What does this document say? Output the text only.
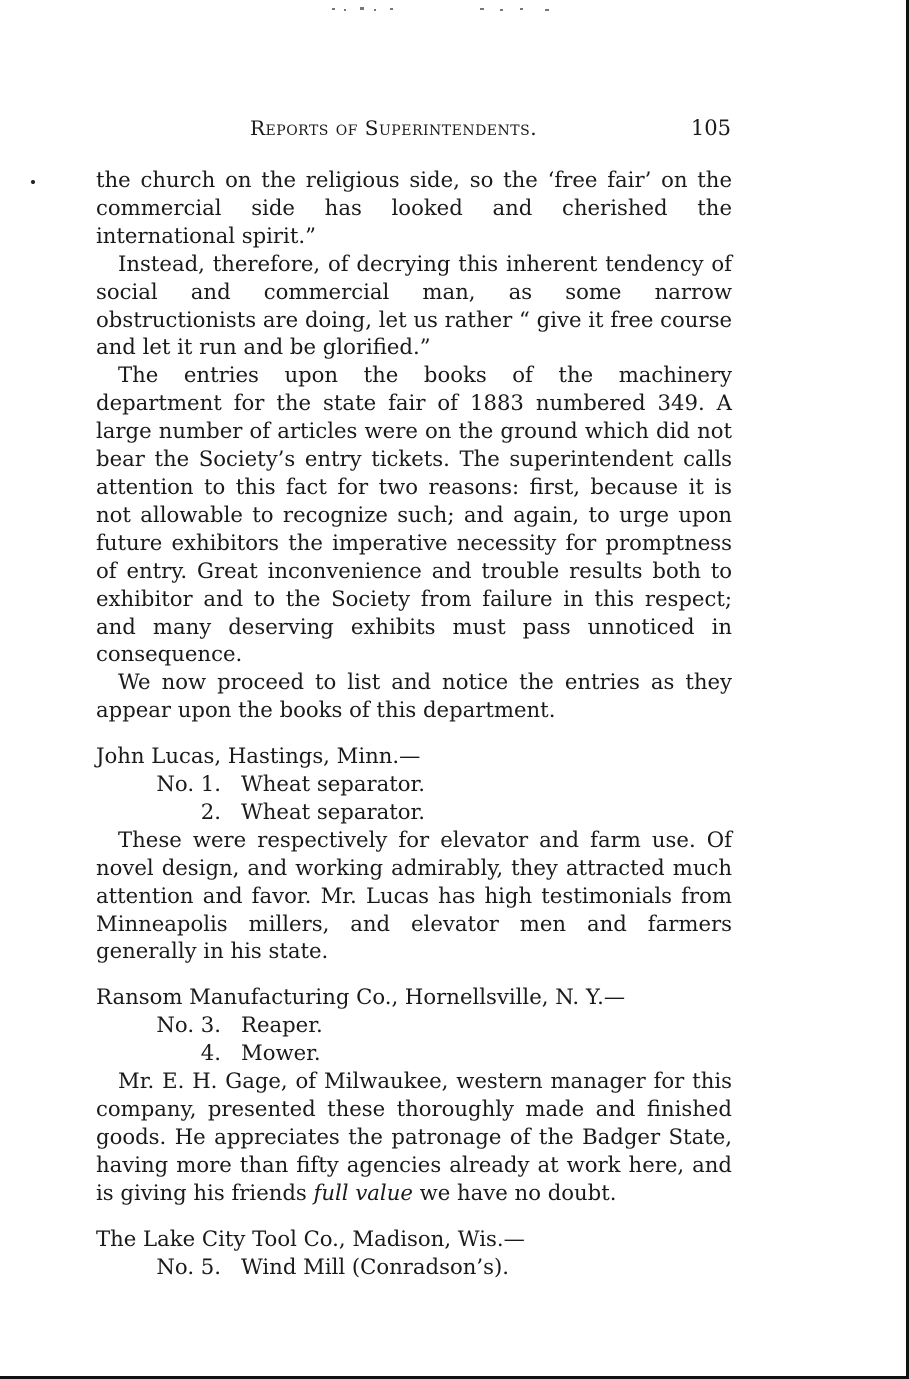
Reports of Superintendents.	105

the church on the religious side, so the ‘free fair’ on the commercial side has looked and cherished the international spirit.”

Instead, therefore, of decrying this inherent tendency of social and commercial man, as some narrow obstructionists are doing, let us rather “ give it free course and let it run and be glorified.”

The entries upon the books of the machinery department for the state fair of 1883 numbered 349. A large number of articles were on the ground which did not bear the Society’s entry tickets. The superintendent calls attention to this fact for two reasons: first, because it is not allowable to recognize such; and again, to urge upon future exhibitors the imperative necessity for promptness of entry. Great inconvenience and trouble results both to exhibitor and to the Society from failure in this respect; and many deserving exhibits must pass unnoticed in consequence.

We now proceed to list and notice the entries as they appear upon the books of this department.

John Lucas, Hastings, Minn.—

No. 1. Wheat separator.
2. Wheat separator.

These were respectively for elevator and farm use. Of novel design, and working admirably, they attracted much attention and favor. Mr. Lucas has high testimonials from Minneapolis millers, and elevator men and farmers generally in his state.

Ransom Manufacturing Co., Hornellsville, N. Y.—

No. 3. Reaper.
4. Mower.

Mr. E. H. Gage, of Milwaukee, western manager for this company, presented these thoroughly made and finished goods. He appreciates the patronage of the Badger State, having more than fifty agencies already at work here, and is giving his friends full value we have no doubt.

The Lake City Tool Co., Madison, Wis.—

No. 5. Wind Mill (Conradson’s).
